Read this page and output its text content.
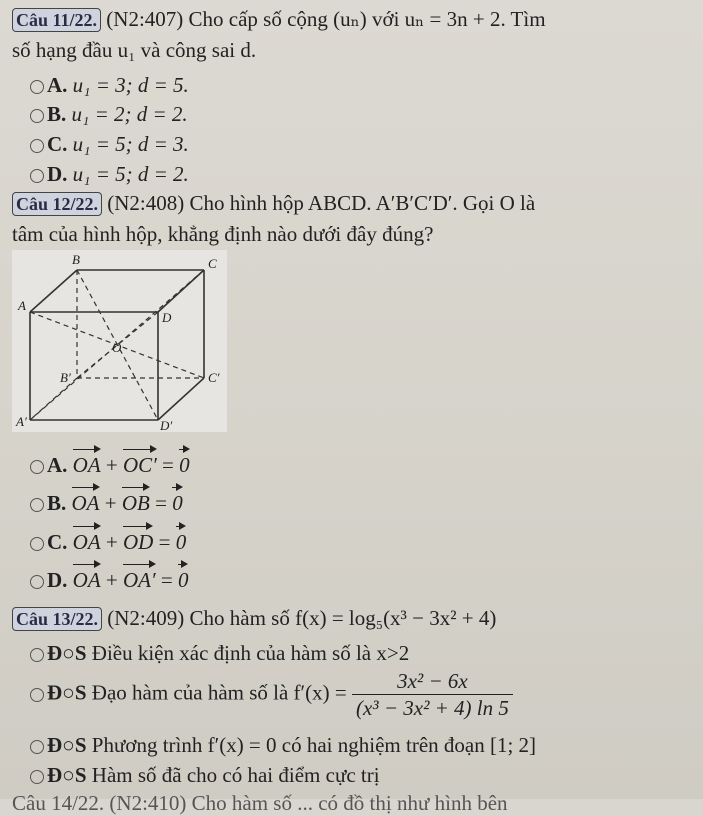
Câu 11/22. (N2:407) Cho cấp số cộng (uₙ) với uₙ = 3n + 2. Tìm
số hạng đầu u₁ và công sai d.
A. u₁ = 3; d = 5.
B. u₁ = 2; d = 2.
C. u₁ = 5; d = 3.
D. u₁ = 5; d = 2.
Câu 12/22. (N2:408) Cho hình hộp ABCD. A′B′C′D′. Gọi O là
tâm của hình hộp, khẳng định nào dưới đây đúng?
B	C
A
D
O
B′	C′
A′	D′
A. OA + OC′ = 0
B. OA + OB = 0
C. OA + OD = 0
D. OA + OA′ = 0
Câu 13/22. (N2:409) Cho hàm số f(x) = log₅(x³ − 3x² + 4)
Đ○S Điều kiện xác định của hàm số là x>2
Đ○S Đạo hàm của hàm số là $f'(x) = \frac{\text{3x² − 6x}}{\text{(x³ − 3x² + 4) ln 5}}$
Đ○S Phương trình f′(x) = 0 có hai nghiệm trên đoạn [1; 2]
Đ○S Hàm số đã cho có hai điểm cực trị
Câu 14/22. (N2:410) Cho hàm số ... có đồ thị như hình bên
